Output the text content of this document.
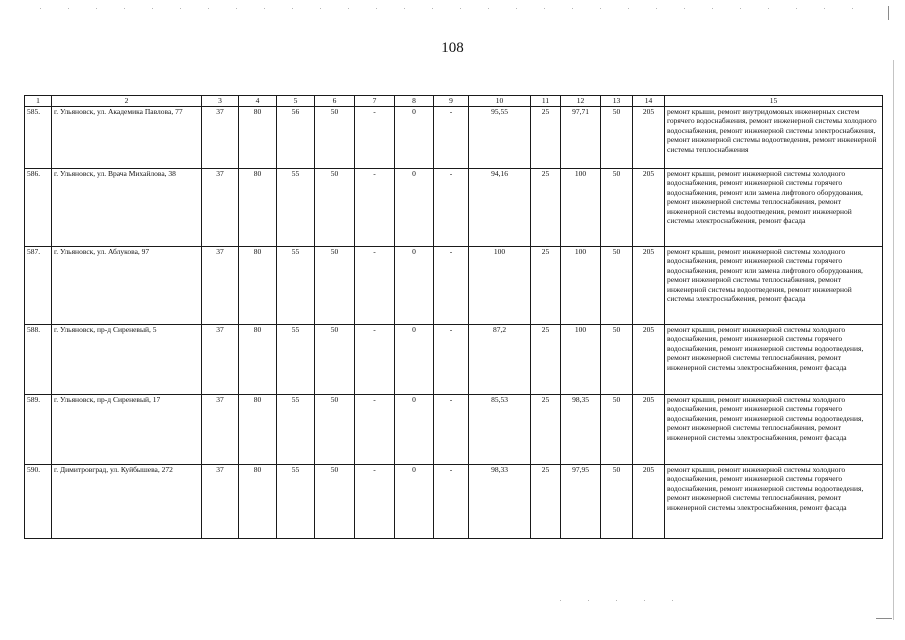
108
1	2	3	4	5	6	7	8	9	10	11	12	13	14	15
585.	г. Ульяновск, ул. Академика Павлова, 77	37	80	56	50	-	0	-	95,55	25	97,71	50	205	ремонт крыши, ремонт внутридомовых инженерных систем горячего водоснабжения, ремонт инженерной системы холодного водоснабжения, ремонт инженерной системы электроснабжения, ремонт инженерной системы водоотведения, ремонт инженерной системы теплоснабжения
586.	г. Ульяновск, ул. Врача Михайлова, 38	37	80	55	50	-	0	-	94,16	25	100	50	205	ремонт крыши, ремонт инженерной системы холодного водоснабжения, ремонт инженерной системы горячего водоснабжения, ремонт или замена лифтового оборудования, ремонт инженерной системы теплоснабжения, ремонт инженерной системы водоотведения, ремонт инженерной системы электроснабжения, ремонт фасада
587.	г. Ульяновск, ул. Аблукова, 97	37	80	55	50	-	0	-	100	25	100	50	205	ремонт крыши, ремонт инженерной системы холодного водоснабжения, ремонт инженерной системы горячего водоснабжения, ремонт или замена лифтового оборудования, ремонт инженерной системы теплоснабжения, ремонт инженерной системы водоотведения, ремонт инженерной системы электроснабжения, ремонт фасада
588.	г. Ульяновск, пр-д Сиреневый, 5	37	80	55	50	-	0	-	87,2	25	100	50	205	ремонт крыши, ремонт инженерной системы холодного водоснабжения, ремонт инженерной системы горячего водоснабжения, ремонт инженерной системы водоотведения, ремонт инженерной системы теплоснабжения, ремонт инженерной системы электроснабжения, ремонт фасада
589.	г. Ульяновск, пр-д Сиреневый, 17	37	80	55	50	-	0	-	85,53	25	98,35	50	205	ремонт крыши, ремонт инженерной системы холодного водоснабжения, ремонт инженерной системы горячего водоснабжения, ремонт инженерной системы водоотведения, ремонт инженерной системы теплоснабжения, ремонт инженерной системы электроснабжения, ремонт фасада
590.	г. Димитровград, ул. Куйбышева, 272	37	80	55	50	-	0	-	98,33	25	97,95	50	205	ремонт крыши, ремонт инженерной системы холодного водоснабжения, ремонт инженерной системы горячего водоснабжения, ремонт инженерной системы водоотведения, ремонт инженерной системы теплоснабжения, ремонт инженерной системы электроснабжения, ремонт фасада
